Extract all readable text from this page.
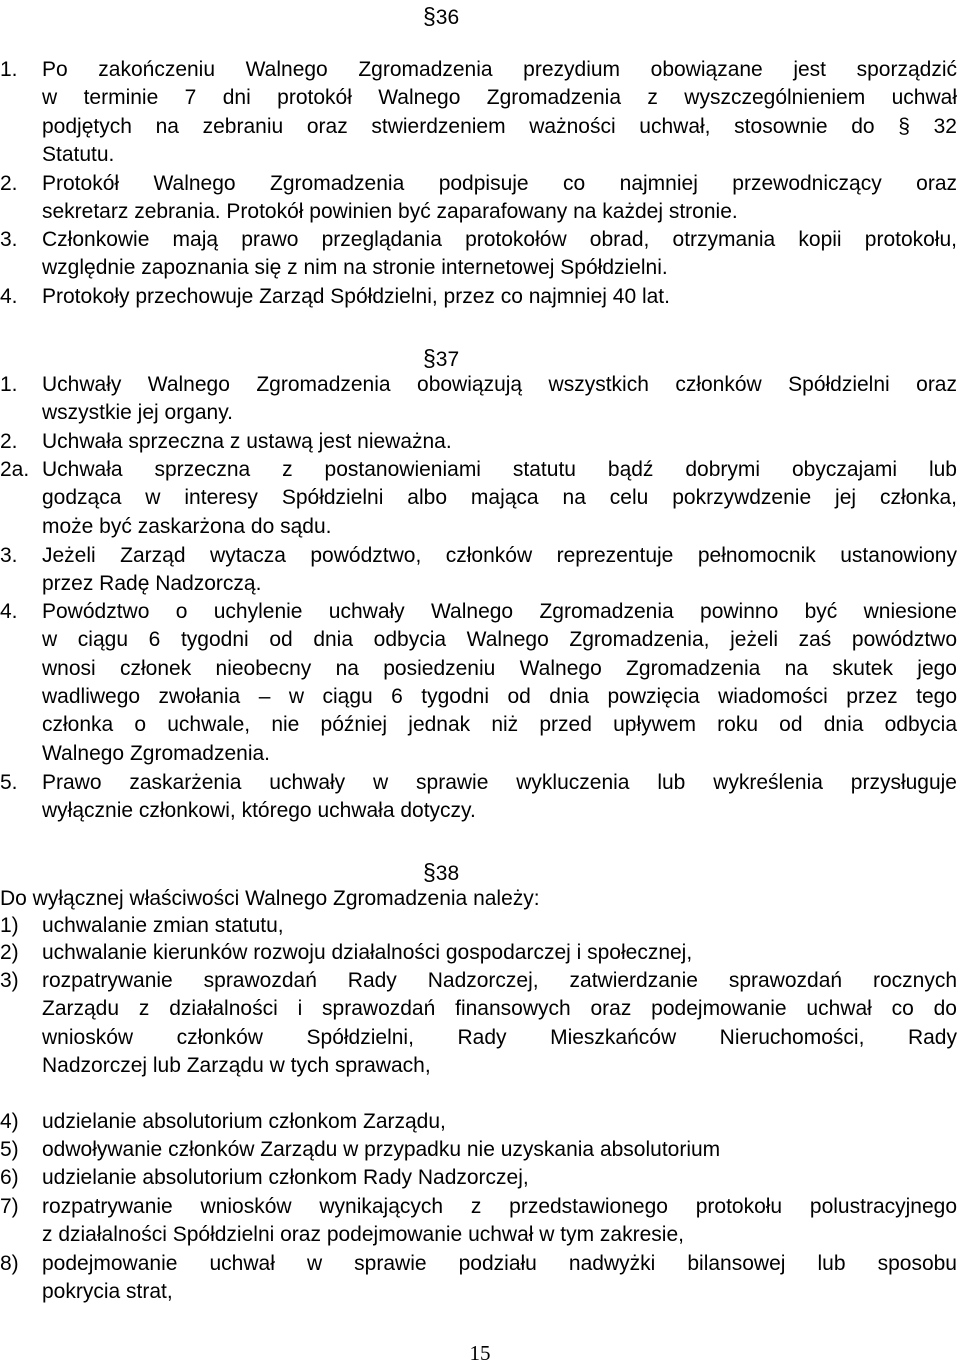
§36
1. Po zakończeniu Walnego Zgromadzenia prezydium obowiązane jest sporządzić
w terminie 7 dni protokół Walnego Zgromadzenia z wyszczególnieniem uchwał
podjętych na zebraniu oraz stwierdzeniem ważności uchwał, stosownie do § 32
Statutu.
2. Protokół Walnego Zgromadzenia podpisuje co najmniej przewodniczący oraz
sekretarz zebrania. Protokół powinien być zaparafowany na każdej stronie.
3. Członkowie mają prawo przeglądania protokołów obrad, otrzymania kopii protokołu,
względnie zapoznania się z nim na stronie internetowej Spółdzielni.
4. Protokoły przechowuje Zarząd Spółdzielni, przez co najmniej 40 lat.
§37
1. Uchwały Walnego Zgromadzenia obowiązują wszystkich członków Spółdzielni oraz
wszystkie jej organy.
2. Uchwała sprzeczna z ustawą jest nieważna.
2a. Uchwała sprzeczna z postanowieniami statutu bądź dobrymi obyczajami lub
godząca w interesy Spółdzielni albo mająca na celu pokrzywdzenie jej członka,
może być zaskarżona do sądu.
3. Jeżeli Zarząd wytacza powództwo, członków reprezentuje pełnomocnik ustanowiony
przez Radę Nadzorczą.
4. Powództwo o uchylenie uchwały Walnego Zgromadzenia powinno być wniesione
w ciągu 6 tygodni od dnia odbycia Walnego Zgromadzenia, jeżeli zaś powództwo
wnosi członek nieobecny na posiedzeniu Walnego Zgromadzenia na skutek jego
wadliwego zwołania – w ciągu 6 tygodni od dnia powzięcia wiadomości przez tego
członka o uchwale, nie później jednak niż przed upływem roku od dnia odbycia
Walnego Zgromadzenia.
5. Prawo zaskarżenia uchwały w sprawie wykluczenia lub wykreślenia przysługuje
wyłącznie członkowi, którego uchwała dotyczy.
§38
Do wyłącznej właściwości Walnego Zgromadzenia należy:
1) uchwalanie zmian statutu,
2) uchwalanie kierunków rozwoju działalności gospodarczej i społecznej,
3) rozpatrywanie sprawozdań Rady Nadzorczej, zatwierdzanie sprawozdań rocznych
Zarządu z działalności i sprawozdań finansowych oraz podejmowanie uchwał co do
wniosków członków Spółdzielni, Rady Mieszkańców Nieruchomości, Rady
Nadzorczej lub Zarządu w tych sprawach,
4) udzielanie absolutorium członkom Zarządu,
5) odwoływanie członków Zarządu w przypadku nie uzyskania absolutorium
6) udzielanie absolutorium członkom Rady Nadzorczej,
7) rozpatrywanie wniosków wynikających z przedstawionego protokołu polustracyjnego
z działalności Spółdzielni oraz podejmowanie uchwał w tym zakresie,
8) podejmowanie uchwał w sprawie podziału nadwyżki bilansowej lub sposobu
pokrycia strat,
15
